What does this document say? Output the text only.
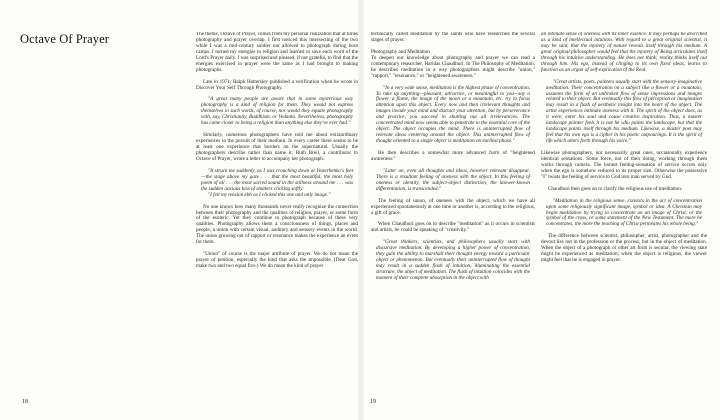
Octave Of Prayer	The theme, Octave of Prayer, comes from my personal realization that at times photography and prayer overlap. I first noticed this intersecting of the two while I was a mid-century soldier not allowed to photograph during boot camps. I turned my energies to religion and learned to save each word of the Lord's Prayer daily. I was surprised and pleased, if not grateful, to find that the energies exercised in prayer were the same as I had brought to making photographs.

Late in 1971, Ralph Hattersley published a verification when he wrote in Discover Your Self Through Photography.

"A great many people are aware that in some mysterious way photography is a kind of religion for them. They would not express themselves in such words, of course, nor would they equate photography with, say, Christianity, Buddhism, or Vedanta. Nevertheless, photography has come closer to being a religion than anything else they've ever had."

Similarly, numerous photographers have told me about extraordinary experiences in the pursuit of their medium. In every career there seems to be at least one experience that borders on the supernatural. Usually the photographers describe rather than name it. Ruth Breil, a contributor to Octave of Prayer, wrote a letter to accompany her photograph.

"It struck me suddenly, as I was crouching down at Yesterbenko's feet—the stage above my gaze . . . that the most beautiful, the most holy poem of all . . . the most sacred sound in the stillness around me . . . was the sudden anxious hiss of shutters clicking softly.

"I felt my tension ebb as I clicked this one and only image."

No one knows how many thousands never really recognize the connection between their photography and the qualities of religion, prayer, or some form of the esoteric. Yet they continue to photograph because of these very qualities. Photography allows them a consciousness of things, places and people, a union with certain visual, auditory and sensory events in the world. The union growing out of rapport or resonance makes the experience an event for them.

"Union" of course is the major attribute of prayer. We do not mean the prayer of petition, especially the kind that asks the impossible. (Dear God, make two and two equal five.) We do mean the kind of prayer

technically called meditation by the saints who have researched the several stages of prayer.

Photography and Meditation

To deepen our knowledge about photography and prayer we can read a contemporary researcher, Haridas Chaudhuri. In The Philosophy of Meditation, he describes meditation in a way photographers might describe "union," "rapport," "resonance," or "heightened awareness."

"In a very wide sense, meditation is the highest phase of concentration. To take up anything—pleasant, attractive, or meaningful to you—say a flower, a flame, the image of the moon or a mountain, etc. try to focus attention upon this object. Every now and then irrelevant thoughts and images invade your mind and distract your attention, but by perseverance and practice, you succeed in shutting out all irrelevancies. The concentrated mind now seems able to penetrate to the essential core of the object. The object occupies the mind. There is uninterrupted flow of relevant ideas centering around the object. This uninterrupted flow of thought oriented to a single object is meditation on earliest phase."

He then describes a somewhat more advanced form of "heightened awareness:"

"Later on, even all thoughts and ideas, however relevant disappear. There is a resultant feeling of oneness with the object. In this feeling of oneness or identity, the subject-object distinction, the knower-known differentiation, is transcended."

The feeling of union, of oneness with the object, which we have all experienced spontaneously at one time or another is, according to the religious, a gift of grace.

When Chaudhuri goes on to describe "meditation" as it occurs in scientists and artists, he could be speaking of "creativity."

"Great thinkers, scientists, and philosophers usually start with discursive meditation. By developing a higher power of concentration, they gain the ability to marshall their thought energy toward a particular object or phenomenon. But eventually their uninterrupted flow of thought may result in a sudden flash of intuition, illuminating the essential structure, the object of meditation. The flash of intuition coincides with the moment of their complete absorption in the object with

an intimate sense of oneness with its inner essence. It may perhaps be described as a kind of intellectual intuition. With regard to a great original scientist, it may be said, that the mystery of nature reveals itself through his medium. A great original philosopher would feel that the mystery of Being articulates itself through his intuitive understanding. He does not think; reality thinks itself out through him. His ego, instead of clinging to its own fixed ideas, learns to function as an organ of self-explication of the Real.

"Great artists, poets, painters usually start with the sensory-imaginative meditation. Their concentration on a subject like a flower or a mountain, assumes the form of an unbroken flow of sense impressions and images related to their object. But eventually this flow of perception or imagination may result in a flash of aesthetic insight into the heart of the object. The artist experiences intimate oneness with it. The spirit of the object does, as it were, enter his soul and cause creative inspiration. Thus, a master landscape painter feels it is not he who paints the landscape, but that the landscape paints itself through his medium. Likewise, a master poet may feel that his own ego is a cipher in his poetic outpourings. It is the spirit of life which utters forth through his voice."

Likewise photographers, not necessarily great ones, occasionally experience identical sensations. Some force, not of their doing, working through them works through camera. The honest feeling-sensation of service occurs only when the ego is somehow reduced to its proper size. Otherwise the possessive "I" twists the feeling of service to God into man served by God.

Chaudhuri then goes on to clarify the religious use of meditation:

"Meditation in the religious sense, consists in the act of concentration upon some religiously significant image, symbol or idea. A Christian may begin meditation by trying to concentrate on an image of Christ, or the symbol of the cross, or some statement of the New Testament. The more he concentrates, the more the teaching of Christ permeates his whole being."

The difference between scientist, philosopher, artist, photographer and the devout lies not in the profession or the process, but in the object of meditation. When the object of a photograph or other art form is secular, the viewing state might be experienced as meditation; when the object is religious, the viewer might feel that he is engaged in prayer.

18	19
